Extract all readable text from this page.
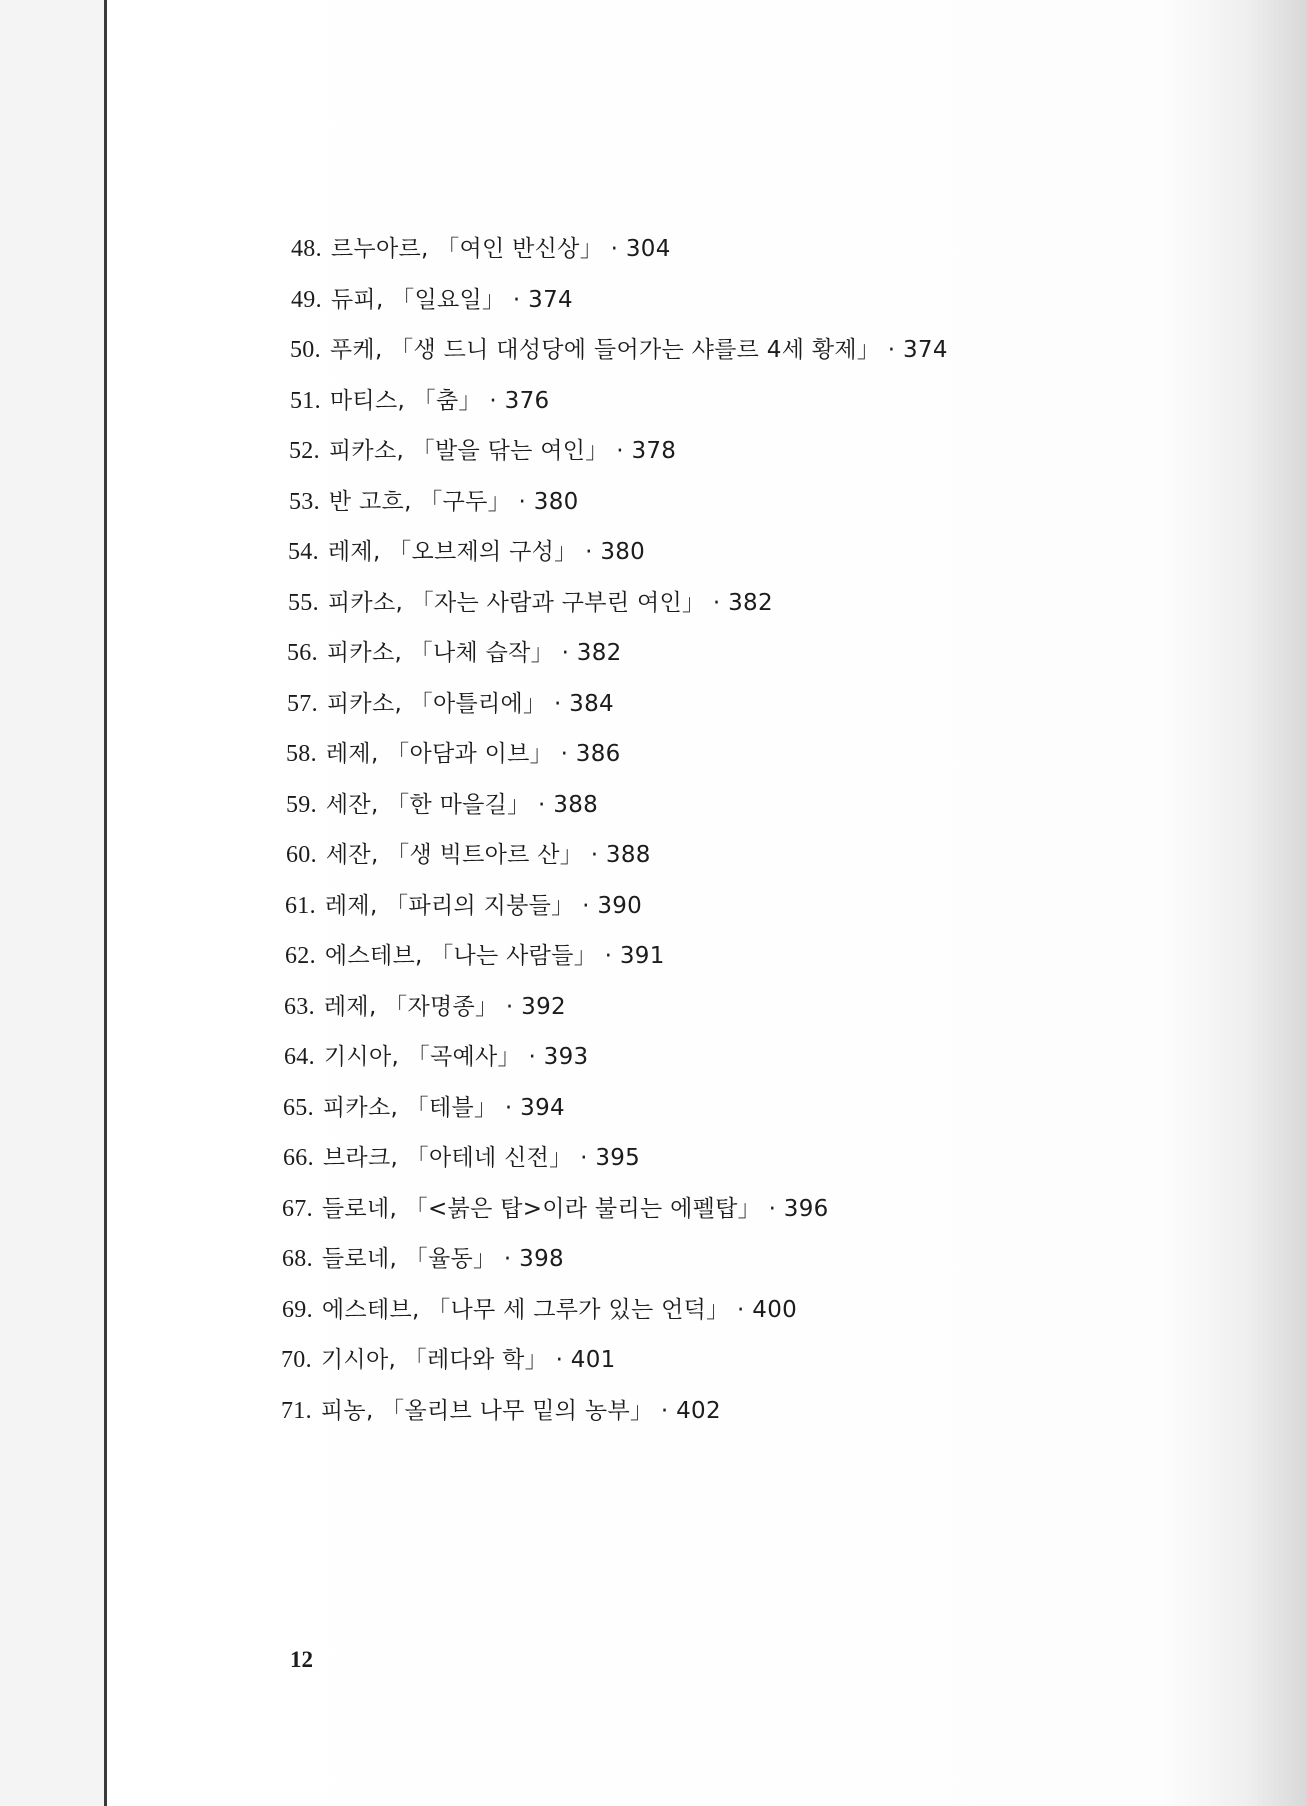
48. 르누아르, 「여인 반신상」 · 304
49. 듀피, 「일요일」 · 374
50. 푸케, 「생 드니 대성당에 들어가는 샤를르 4세 황제」 · 374
51. 마티스, 「춤」 · 376
52. 피카소, 「발을 닦는 여인」 · 378
53. 반 고흐, 「구두」 · 380
54. 레제, 「오브제의 구성」 · 380
55. 피카소, 「자는 사람과 구부린 여인」 · 382
56. 피카소, 「나체 습작」 · 382
57. 피카소, 「아틀리에」 · 384
58. 레제, 「아담과 이브」 · 386
59. 세잔, 「한 마을길」 · 388
60. 세잔, 「생 빅트아르 산」 · 388
61. 레제, 「파리의 지붕들」 · 390
62. 에스테브, 「나는 사람들」 · 391
63. 레제, 「자명종」 · 392
64. 기시아, 「곡예사」 · 393
65. 피카소, 「테블」 · 394
66. 브라크, 「아테네 신전」 · 395
67. 들로네, 「<붉은 탑>이라 불리는 에펠탑」 · 396
68. 들로네, 「율동」 · 398
69. 에스테브, 「나무 세 그루가 있는 언덕」 · 400
70. 기시아, 「레다와 학」 · 401
71. 피농, 「올리브 나무 밑의 농부」 · 402
12
